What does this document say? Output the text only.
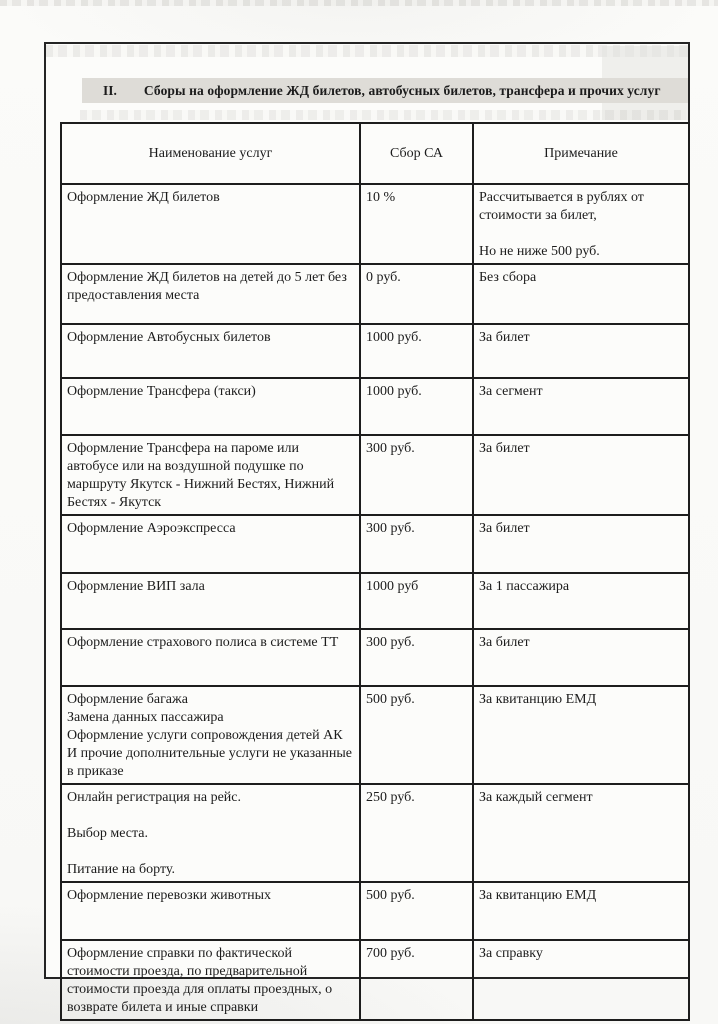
II. Сборы на оформление ЖД билетов, автобусных билетов, трансфера и прочих услуг
Наименование услуг	Сбор СА	Примечание
Оформление ЖД билетов	10 %	Рассчитывается в рублях от стоимости за билет,

Но не ниже 500 руб.

Оформление ЖД билетов на детей до 5 лет без предоставления места	0 руб.	Без сбора
Оформление Автобусных билетов	1000 руб.	За билет
Оформление Трансфера (такси)	1000 руб.	За сегмент
Оформление Трансфера на пароме или автобусе или на воздушной подушке по маршруту Якутск - Нижний Бестях, Нижний Бестях - Якутск	300 руб.	За билет
Оформление Аэроэкспресса	300 руб.	За билет
Оформление ВИП зала	1000 руб	За 1 пассажира
Оформление страхового полиса в системе ТТ	300 руб.	За билет

Оформление багажа
Замена данных пассажира
Оформление услуги сопровождения детей АК
И прочие дополнительные услуги не указанные в приказе	500 руб.	За квитанцию ЕМД

Онлайн регистрация на рейс.

Выбор места.

Питание на борту.	250 руб.	За каждый сегмент
Оформление перевозки животных	500 руб.	За квитанцию ЕМД
Оформление справки по фактической стоимости проезда, по предварительной стоимости проезда для оплаты проездных, о возврате билета и иные справки	700 руб.	За справку
